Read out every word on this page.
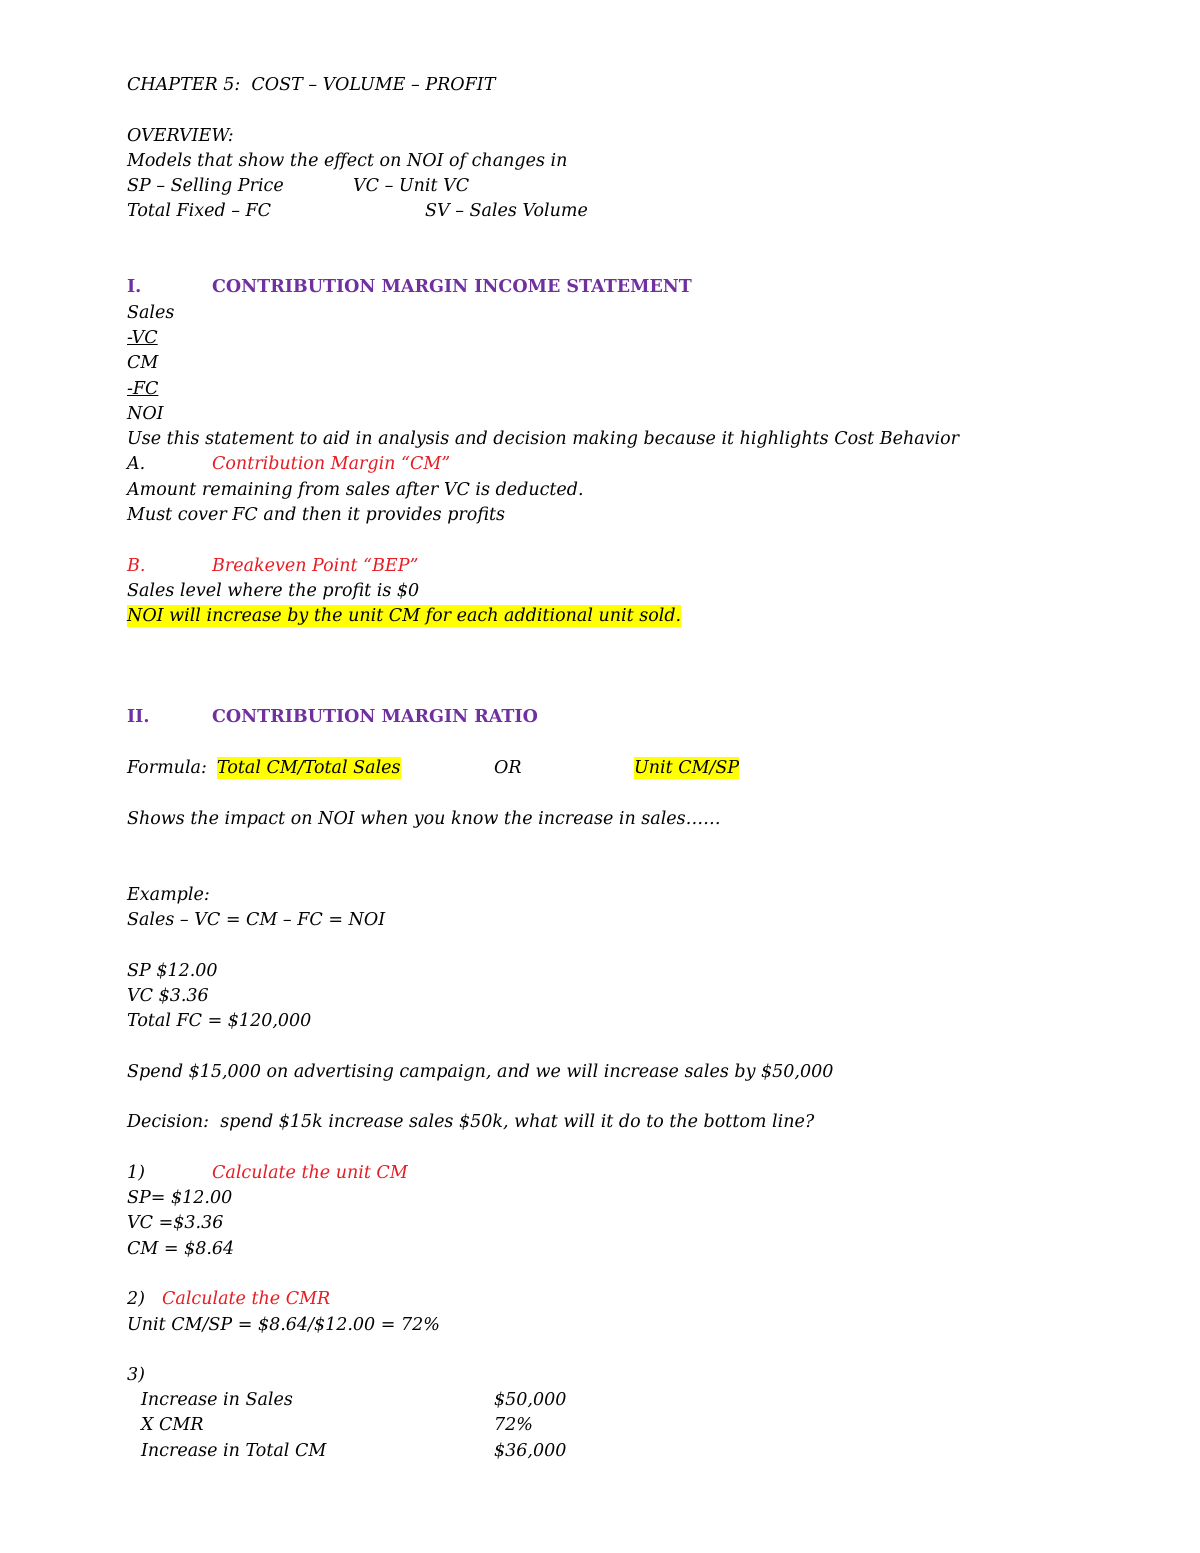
CHAPTER 5:  COST – VOLUME – PROFIT
OVERVIEW:
Models that show the effect on NOI of changes in
SP – Selling Price	VC – Unit VC
Total Fixed – FC	SV – Sales Volume
I.	CONTRIBUTION MARGIN INCOME STATEMENT
Sales
-VC
CM
-FC
NOI
Use this statement to aid in analysis and decision making because it highlights Cost Behavior
A.	Contribution Margin “CM”
Amount remaining from sales after VC is deducted.
Must cover FC and then it provides profits
B.	Breakeven Point “BEP”
Sales level where the profit is $0
NOI will increase by the unit CM for each additional unit sold.
II.	CONTRIBUTION MARGIN RATIO
Formula: Total CM/Total Sales	OR	Unit CM/SP
Shows the impact on NOI when you know the increase in sales……
Example:
Sales – VC = CM – FC = NOI
SP $12.00
VC $3.36
Total FC = $120,000
Spend $15,000 on advertising campaign, and we will increase sales by $50,000
Decision:  spend $15k increase sales $50k, what will it do to the bottom line?
1)	Calculate the unit CM
SP= $12.00
VC =$3.36
CM = $8.64
2) Calculate the CMR
Unit CM/SP = $8.64/$12.00 = 72%
3)
Increase in Sales	$50,000
X CMR	72%
Increase in Total CM	$36,000
